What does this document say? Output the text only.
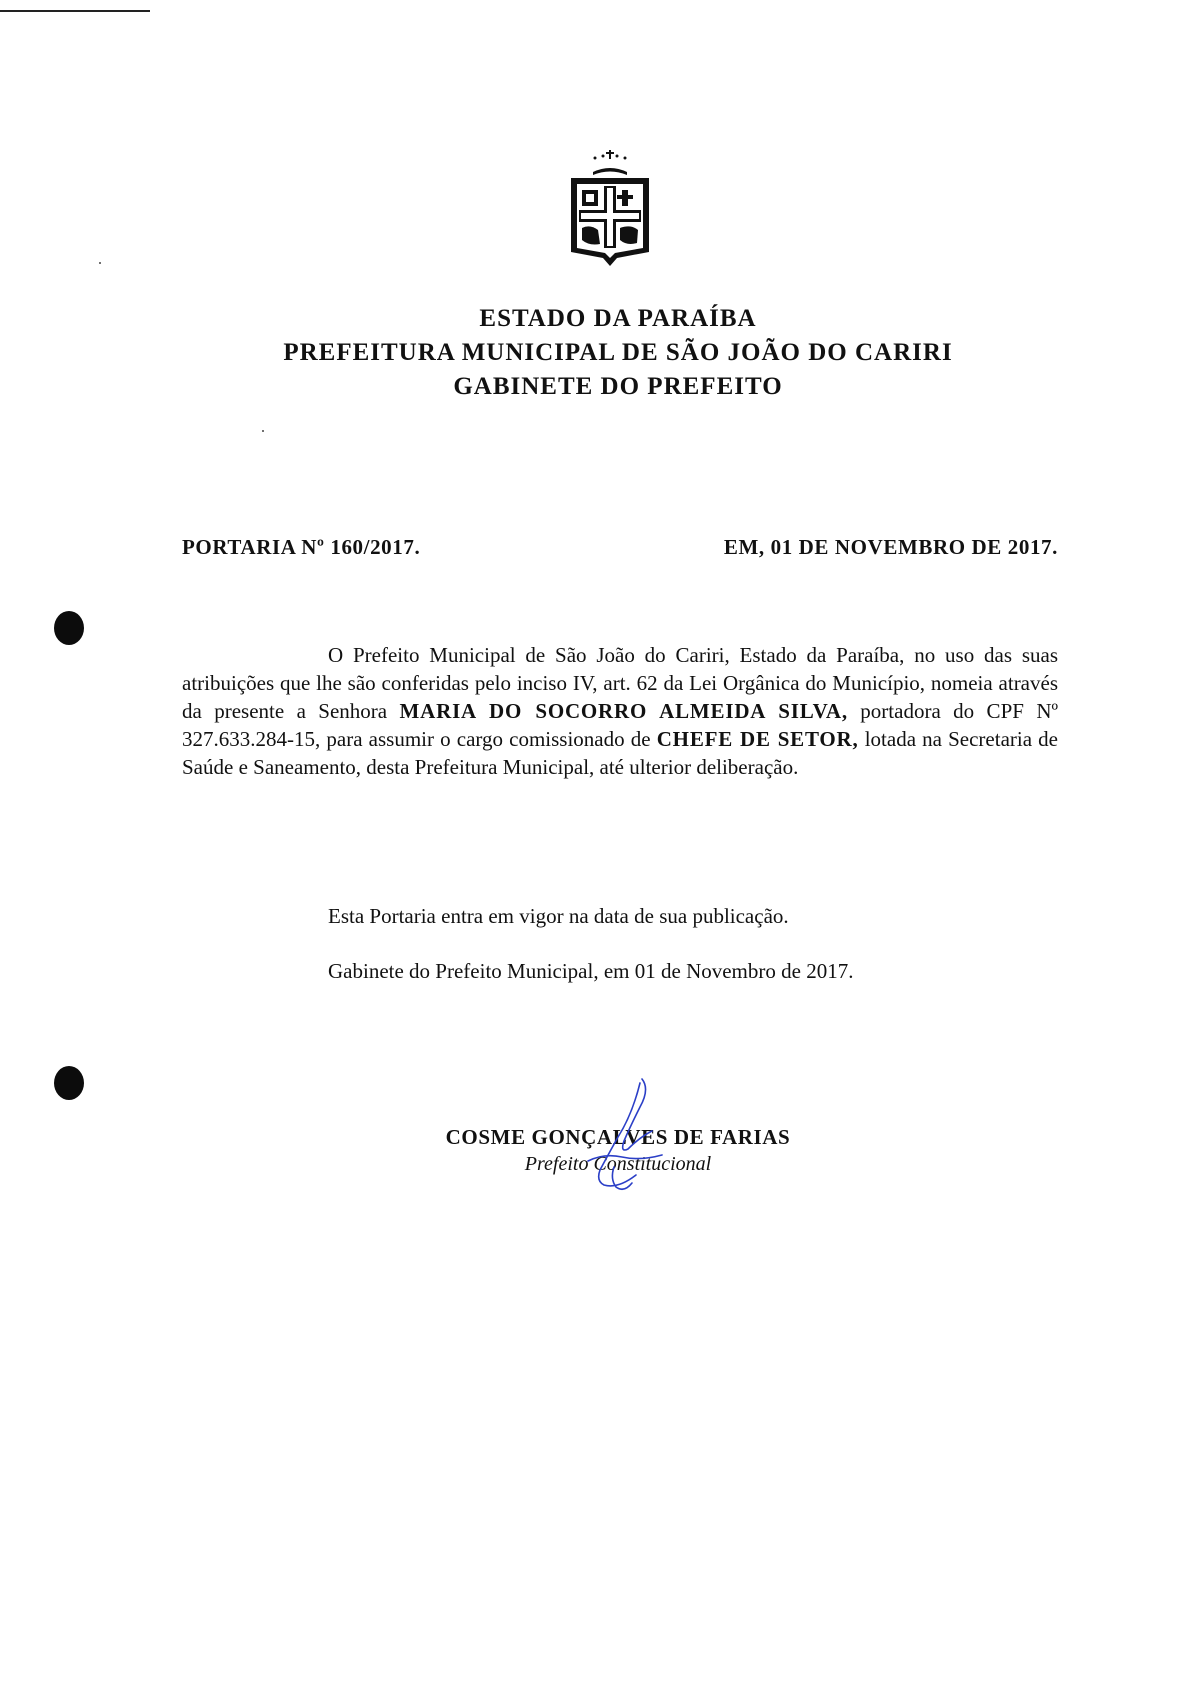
ESTADO DA PARAÍBA
PREFEITURA MUNICIPAL DE SÃO JOÃO DO CARIRI
GABINETE DO PREFEITO
PORTARIA Nº 160/2017.	EM, 01 DE NOVEMBRO DE 2017.
O Prefeito Municipal de São João do Cariri, Estado da Paraíba, no uso das suas atribuições que lhe são conferidas pelo inciso IV, art. 62 da Lei Orgânica do Município, nomeia através da presente a Senhora MARIA DO SOCORRO ALMEIDA SILVA, portadora do CPF Nº 327.633.284-15, para assumir o cargo comissionado de CHEFE DE SETOR, lotada na Secretaria de Saúde e Saneamento, desta Prefeitura Municipal, até ulterior deliberação.
Esta Portaria entra em vigor na data de sua publicação.
Gabinete do Prefeito Municipal, em 01 de Novembro de 2017.
COSME GONÇALVES DE FARIAS
Prefeito Constitucional
